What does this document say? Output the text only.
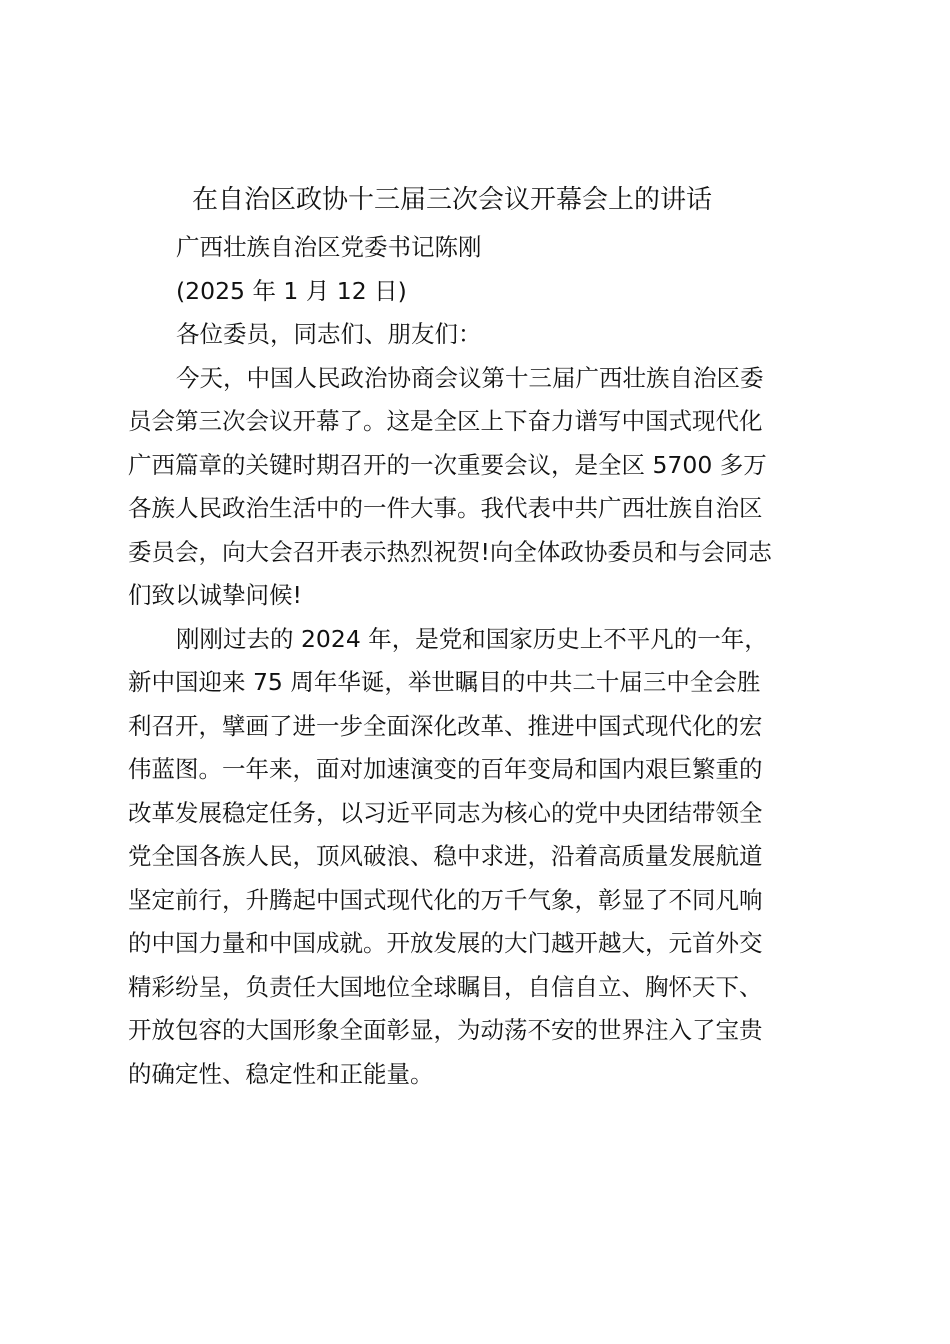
在自治区政协十三届三次会议开幕会上的讲话

广西壮族自治区党委书记陈刚

(2025 年 1 月 12 日)

各位委员，同志们、朋友们：

今天，中国人民政治协商会议第十三届广西壮族自治区委
员会第三次会议开幕了。这是全区上下奋力谱写中国式现代化
广西篇章的关键时期召开的一次重要会议，是全区 5700 多万
各族人民政治生活中的一件大事。我代表中共广西壮族自治区
委员会，向大会召开表示热烈祝贺!向全体政协委员和与会同志
们致以诚挚问候!

刚刚过去的 2024 年，是党和国家历史上不平凡的一年，
新中国迎来 75 周年华诞，举世瞩目的中共二十届三中全会胜
利召开，擘画了进一步全面深化改革、推进中国式现代化的宏
伟蓝图。一年来，面对加速演变的百年变局和国内艰巨繁重的
改革发展稳定任务，以习近平同志为核心的党中央团结带领全
党全国各族人民，顶风破浪、稳中求进，沿着高质量发展航道
坚定前行，升腾起中国式现代化的万千气象，彰显了不同凡响
的中国力量和中国成就。开放发展的大门越开越大，元首外交
精彩纷呈，负责任大国地位全球瞩目，自信自立、胸怀天下、
开放包容的大国形象全面彰显，为动荡不安的世界注入了宝贵
的确定性、稳定性和正能量。
